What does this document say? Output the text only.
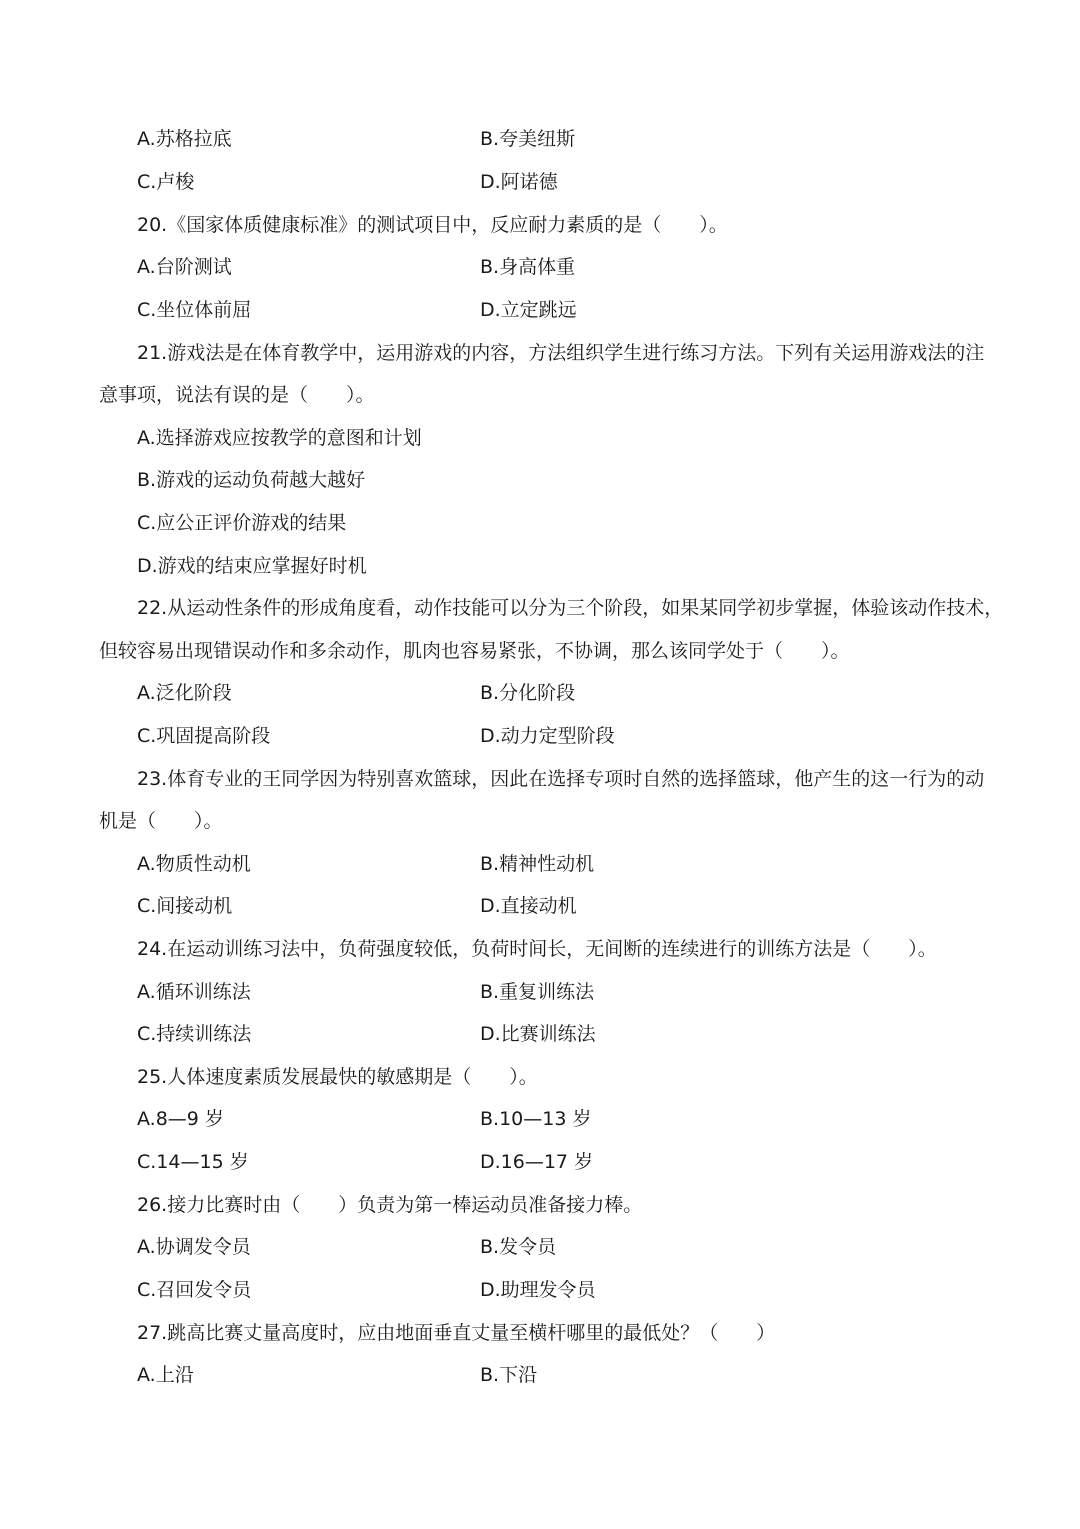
A.苏格拉底	B.夸美纽斯
C.卢梭	D.阿诺德
20.《国家体质健康标准》的测试项目中，反应耐力素质的是（　　）。
A.台阶测试	B.身高体重
C.坐位体前屈	D.立定跳远
21.游戏法是在体育教学中，运用游戏的内容，方法组织学生进行练习方法。下列有关运用游戏法的注
意事项，说法有误的是（　　）。
A.选择游戏应按教学的意图和计划
B.游戏的运动负荷越大越好
C.应公正评价游戏的结果
D.游戏的结束应掌握好时机
22.从运动性条件的形成角度看，动作技能可以分为三个阶段，如果某同学初步掌握，体验该动作技术，
但较容易出现错误动作和多余动作，肌肉也容易紧张，不协调，那么该同学处于（　　）。
A.泛化阶段	B.分化阶段
C.巩固提高阶段	D.动力定型阶段
23.体育专业的王同学因为特别喜欢篮球，因此在选择专项时自然的选择篮球，他产生的这一行为的动
机是（　　）。
A.物质性动机	B.精神性动机
C.间接动机	D.直接动机
24.在运动训练习法中，负荷强度较低，负荷时间长，无间断的连续进行的训练方法是（　　）。
A.循环训练法	B.重复训练法
C.持续训练法	D.比赛训练法
25.人体速度素质发展最快的敏感期是（　　）。
A.8—9 岁	B.10—13 岁
C.14—15 岁	D.16—17 岁
26.接力比赛时由（　　）负责为第一棒运动员准备接力棒。
A.协调发令员	B.发令员
C.召回发令员	D.助理发令员
27.跳高比赛丈量高度时，应由地面垂直丈量至横杆哪里的最低处？（　　）
A.上沿	B.下沿
